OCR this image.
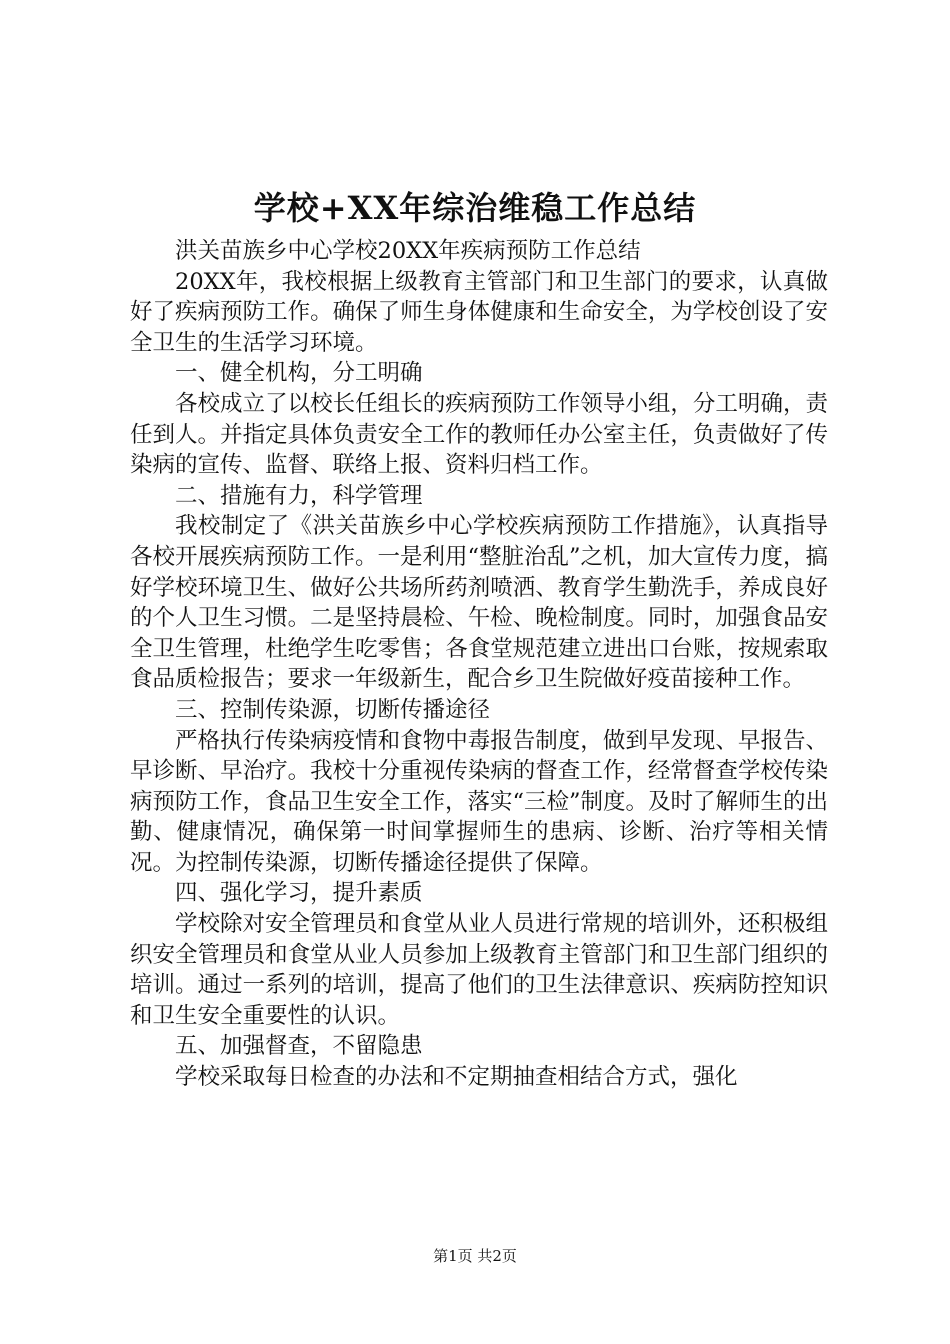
学校+XX年综治维稳工作总结

洪关苗族乡中心学校20XX年疾病预防工作总结

20XX年，我校根据上级教育主管部门和卫生部门的要求，认真做好了疾病预防工作。确保了师生身体健康和生命安全，为学校创设了安全卫生的生活学习环境。

一、健全机构，分工明确

各校成立了以校长任组长的疾病预防工作领导小组，分工明确，责任到人。并指定具体负责安全工作的教师任办公室主任，负责做好了传染病的宣传、监督、联络上报、资料归档工作。

二、措施有力，科学管理

我校制定了《洪关苗族乡中心学校疾病预防工作措施》，认真指导各校开展疾病预防工作。一是利用“整脏治乱”之机，加大宣传力度，搞好学校环境卫生、做好公共场所药剂喷洒、教育学生勤洗手，养成良好的个人卫生习惯。二是坚持晨检、午检、晚检制度。同时，加强食品安全卫生管理，杜绝学生吃零售；各食堂规范建立进出口台账，按规索取食品质检报告；要求一年级新生，配合乡卫生院做好疫苗接种工作。

三、控制传染源，切断传播途径

严格执行传染病疫情和食物中毒报告制度，做到早发现、早报告、早诊断、早治疗。我校十分重视传染病的督查工作，经常督查学校传染病预防工作，食品卫生安全工作，落实“三检”制度。及时了解师生的出勤、健康情况，确保第一时间掌握师生的患病、诊断、治疗等相关情况。为控制传染源，切断传播途径提供了保障。

四、强化学习，提升素质

学校除对安全管理员和食堂从业人员进行常规的培训外，还积极组织安全管理员和食堂从业人员参加上级教育主管部门和卫生部门组织的培训。通过一系列的培训，提高了他们的卫生法律意识、疾病防控知识和卫生安全重要性的认识。

五、加强督查，不留隐患

学校采取每日检查的办法和不定期抽查相结合方式，强化

第1页 共2页
